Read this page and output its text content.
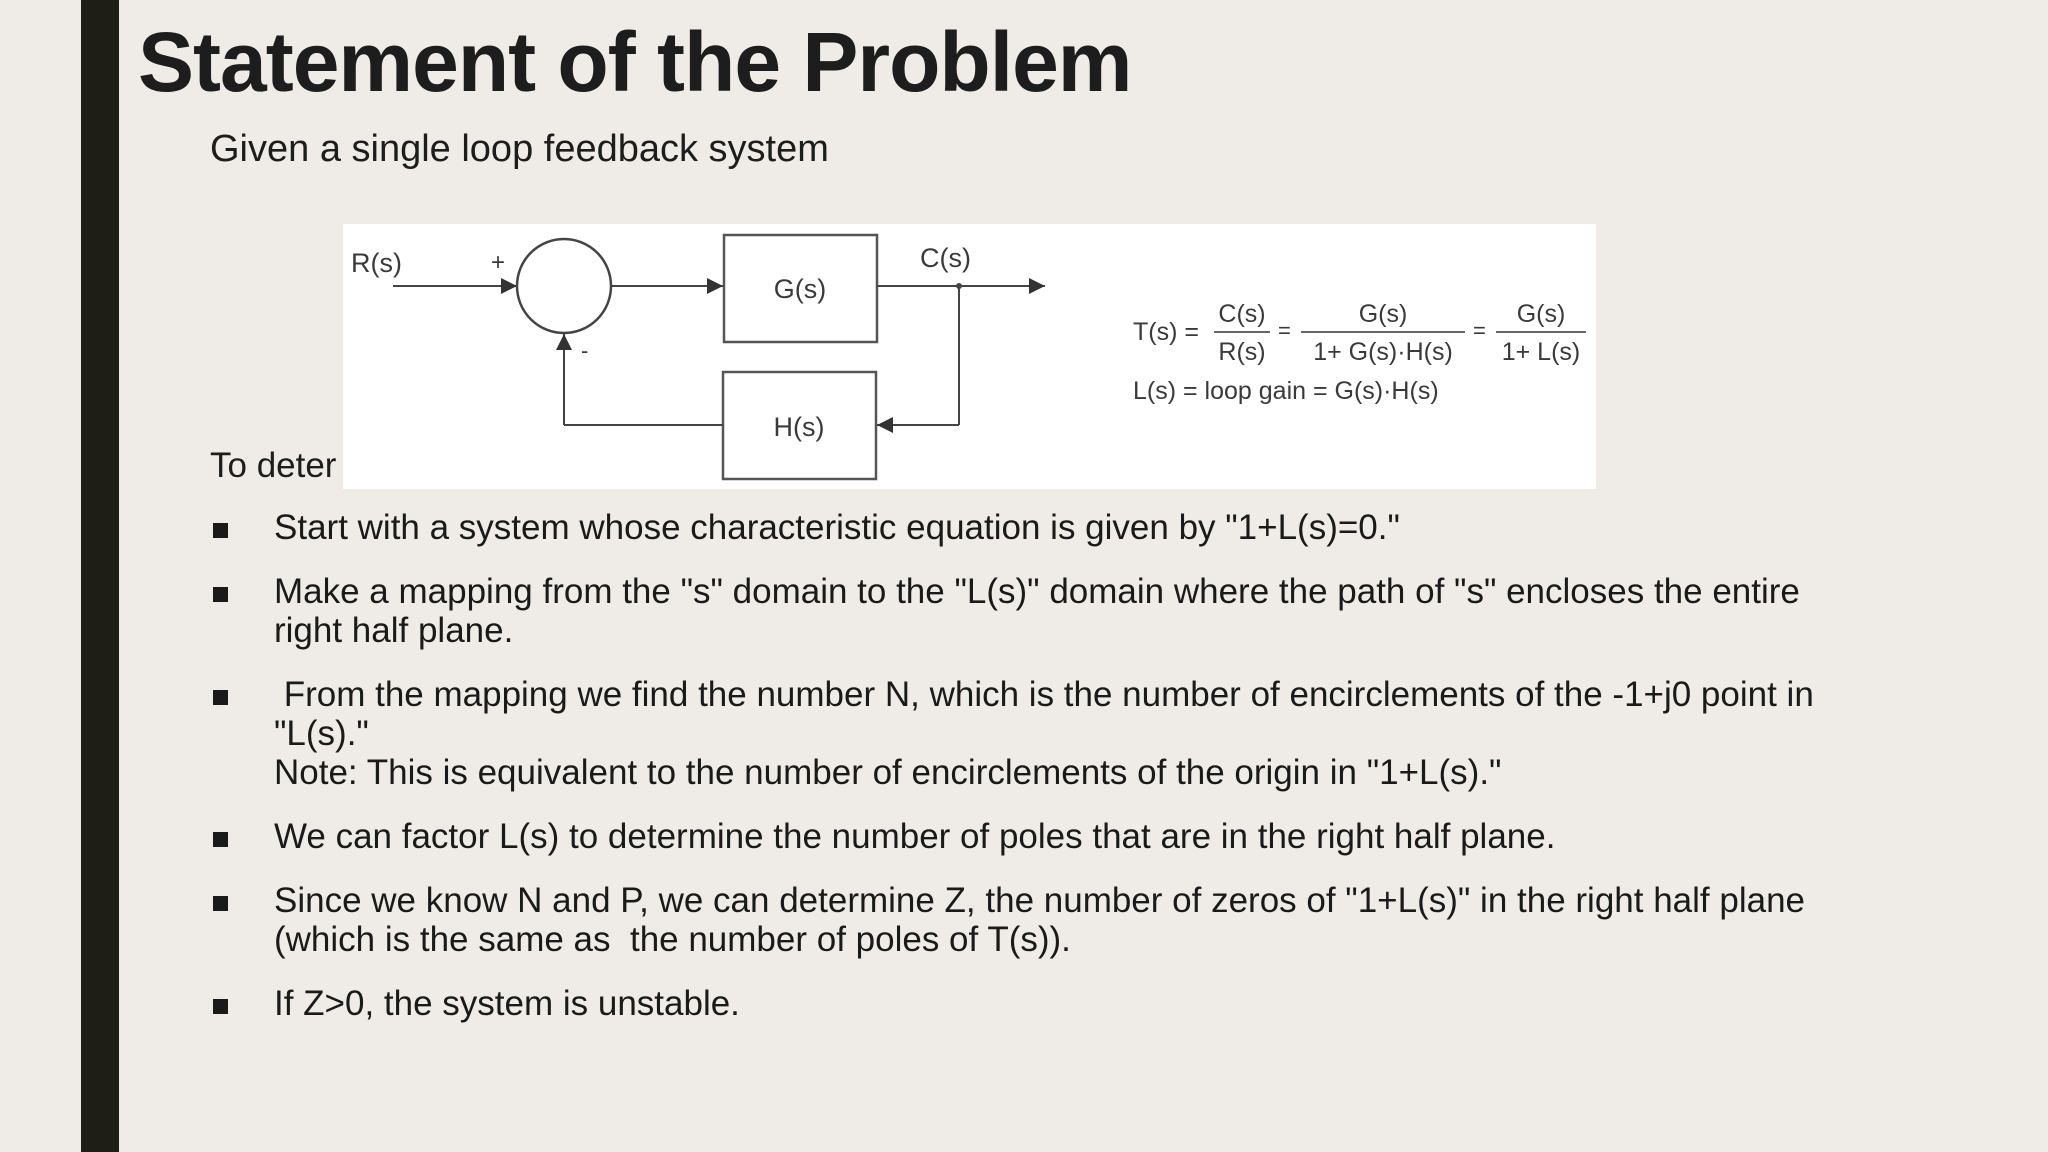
Statement of the Problem

Given a single loop feedback system

To deter

R(s)	+
-
G(s)
C(s)
H(s)
T(s) =
C(s)
R(s)
=
G(s)
1+ G(s)·H(s)
=
G(s)
1+ L(s)
L(s) = loop gain = G(s)·H(s)
Start with a system whose characteristic equation is given by "1+L(s)=0."
Make a mapping from the "s" domain to the "L(s)" domain where the path of "s" encloses the entire
right half plane.
From the mapping we find the number N, which is the number of encirclements of the -1+j0 point in
"L(s)."
Note: This is equivalent to the number of encirclements of the origin in "1+L(s)."
We can factor L(s) to determine the number of poles that are in the right half plane.
Since we know N and P, we can determine Z, the number of zeros of "1+L(s)" in the right half plane
(which is the same as  the number of poles of T(s)).
If Z>0, the system is unstable.
